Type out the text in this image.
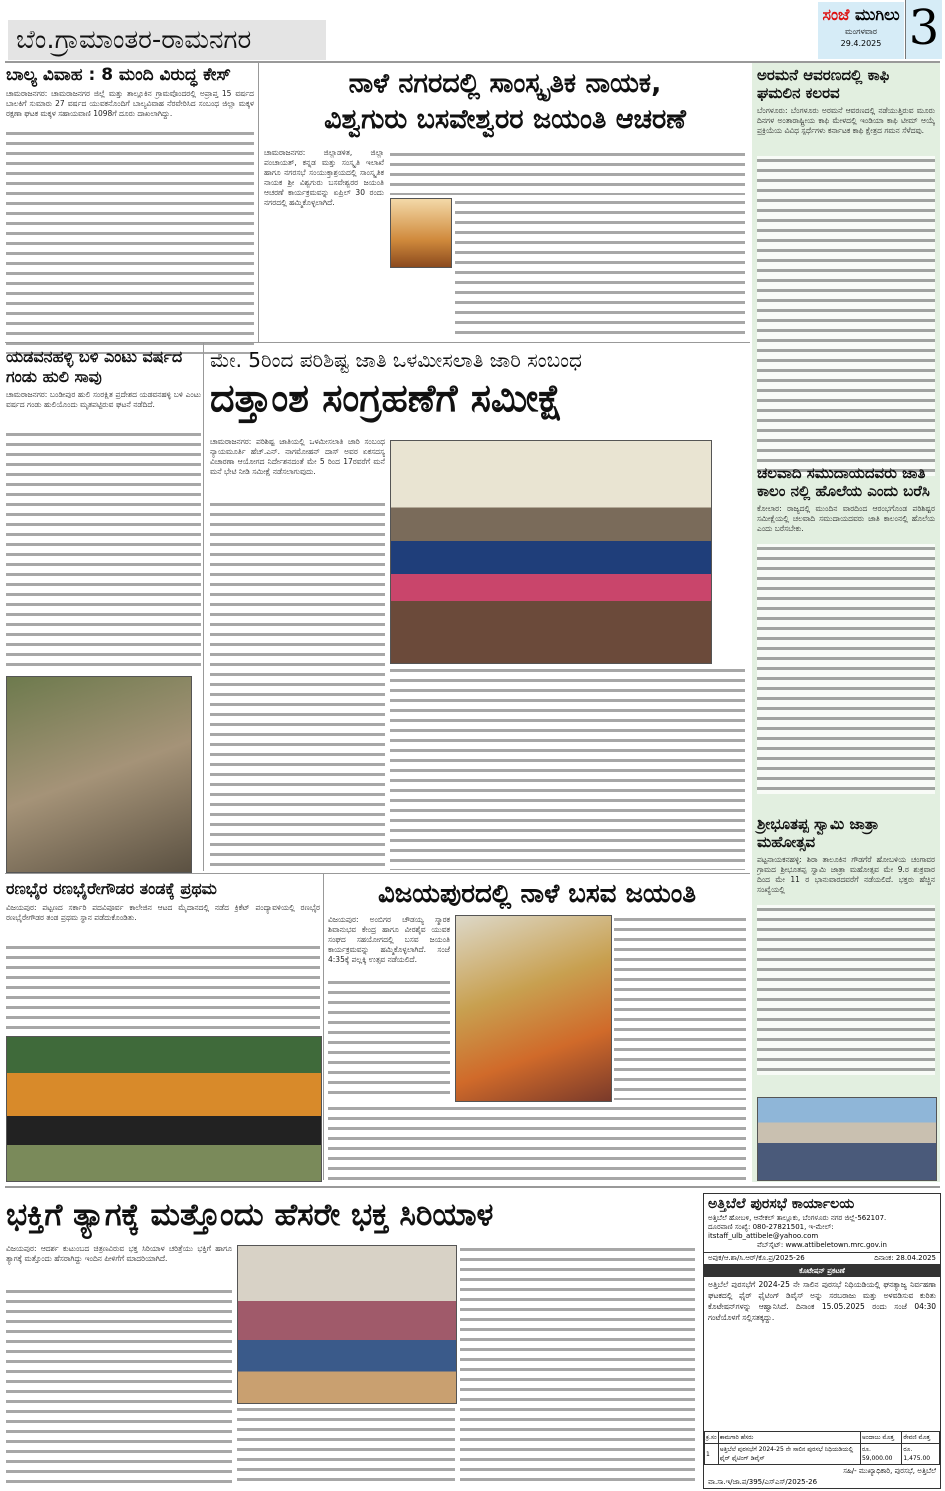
ಬೆಂ.ಗ್ರಾಮಾಂತರ-ರಾಮನಗರ
ಸಂಜೆ ಮುಗಿಲು
ಮಂಗಳವಾರ
29.4.2025 3
ಬಾಲ್ಯ ವಿವಾಹ : 8 ಮಂದಿ ವಿರುದ್ಧ ಕೇಸ್
ಚಾಮರಾಜನಗರ: ಚಾಮರಾಜನಗರ ಜಿಲ್ಲೆ ಮತ್ತು ತಾಲ್ಲೂಕಿನ ಗ್ರಾಮವೊಂದರಲ್ಲಿ ಅಪ್ರಾಪ್ತ 15 ವರ್ಷದ ಬಾಲಕಿಗೆ ಸುಮಾರು 27 ವರ್ಷದ ಯುವಕನೊಂದಿಗೆ ಬಾಲ್ಯವಿವಾಹ ನೆರವೇರಿಸಿದ ಸಂಬಂಧ ಜಿಲ್ಲಾ ಮಕ್ಕಳ ರಕ್ಷಣಾ ಘಟಕ ಮಕ್ಕಳ ಸಹಾಯವಾಣಿ 1098ಗೆ ದೂರು ದಾಖಲಾಗಿದ್ದು.
ನಾಳೆ ನಗರದಲ್ಲಿ ಸಾಂಸ್ಕೃತಿಕ ನಾಯಕ,
ವಿಶ್ವಗುರು ಬಸವೇಶ್ವರರ ಜಯಂತಿ ಆಚರಣೆ
ಚಾಮರಾಜನಗರ: ಜಿಲ್ಲಾಡಳಿತ, ಜಿಲ್ಲಾ ಪಂಚಾಯತ್, ಕನ್ನಡ ಮತ್ತು ಸಂಸ್ಕೃತಿ ಇಲಾಖೆ ಹಾಗೂ ನಗರಸಭೆ ಸಂಯುಕ್ತಾಶ್ರಯದಲ್ಲಿ ಸಾಂಸ್ಕೃತಿಕ ನಾಯಕ ಶ್ರೀ ವಿಶ್ವಗುರು ಬಸವೇಶ್ವರರ ಜಯಂತಿ ಆಚರಣೆ ಕಾರ್ಯಕ್ರಮವನ್ನು ಏಪ್ರಿಲ್ 30 ರಂದು ನಗರದಲ್ಲಿ ಹಮ್ಮಿಕೊಳ್ಳಲಾಗಿದೆ.
ಅರಮನೆ ಆವರಣದಲ್ಲಿ ಕಾಫಿ ಘಮಲಿನ ಕಲರವ
ಬೆಂಗಳೂರು: ಬೆಂಗಳೂರು ಅರಮನೆ ಆವರಣದಲ್ಲಿ ನಡೆಯುತ್ತಿರುವ ಮೂರು ದಿನಗಳ ಅಂತಾರಾಷ್ಟ್ರೀಯ ಕಾಫಿ ಮೇಳದಲ್ಲಿ ಇಂಡಿಯಾ ಕಾಫಿ ಟೀಮ್ ಆಯ್ಕೆ ಪ್ರಕ್ರಿಯೆಯ ವಿವಿಧ ಸ್ಪರ್ಧೆಗಳು ಕರ್ನಾಟಕ ಕಾಫಿ ಕ್ಷೇತ್ರದ ಗಮನ ಸೆಳೆದವು.
ಚಲವಾದಿ ಸಮುದಾಯದವರು ಜಾತಿ ಕಾಲಂ ನಲ್ಲಿ ಹೊಲೆಯ ಎಂದು ಬರೆಸಿ
ಕೋಲಾರ: ರಾಜ್ಯದಲ್ಲಿ ಮುಂದಿನ ವಾರದಿಂದ ಆರಂಭಗೊಂಡ ಪರಿಶಿಷ್ಟರ ಸಮೀಕ್ಷೆಯಲ್ಲಿ ಚಲವಾದಿ ಸಮುದಾಯದವರು ಜಾತಿ ಕಾಲಂನಲ್ಲಿ ಹೊಲೆಯ ಎಂದು ಬರೆಸಬೇಕು.
ಶ್ರೀಭೂತಪ್ಪ ಸ್ವಾಮಿ ಜಾತ್ರಾ ಮಹೋತ್ಸವ
ಪಟ್ಟನಾಯಕನಹಳ್ಳಿ: ಶಿರಾ ತಾಲೂಕಿನ ಗೌಡಗೆರೆ ಹೋಬಳಿಯ ಚಂಗಾವರ ಗ್ರಾಮದ ಶ್ರೀಭೂತಪ್ಪ ಸ್ವಾಮಿ ಜಾತ್ರಾ ಮಹೋತ್ಸವ ಮೇ 9.ರ ಶುಕ್ರವಾರ ದಿಂದ ಮೇ 11 ರ ಭಾನುವಾರದವರೆಗೆ ನಡೆಯಲಿದೆ. ಭಕ್ತರು ಹೆಚ್ಚಿನ ಸಂಖ್ಯೆಯಲ್ಲಿ
ಯಡವನಹಳ್ಳಿ ಬಳಿ ಎಂಟು ವರ್ಷದ ಗಂಡು ಹುಲಿ ಸಾವು
ಚಾಮರಾಜನಗರ: ಬಂಡೀಪುರ ಹುಲಿ ಸಂರಕ್ಷಿತ ಪ್ರದೇಶದ ಯಡವನಹಳ್ಳಿ ಬಳಿ ಎಂಟು ವರ್ಷದ ಗಂಡು ಹುಲಿಯೊಂದು ಮೃತಪಟ್ಟಿರುವ ಘಟನೆ ನಡೆದಿದೆ.
ಮೇ. 5ರಿಂದ ಪರಿಶಿಷ್ಟ ಜಾತಿ ಒಳಮೀಸಲಾತಿ ಜಾರಿ ಸಂಬಂಧ
ದತ್ತಾಂಶ ಸಂಗ್ರಹಣೆಗೆ ಸಮೀಕ್ಷೆ
ಚಾಮರಾಜನಗರ: ಪರಿಶಿಷ್ಟ ಜಾತಿಯಲ್ಲಿ ಒಳಮೀಸಲಾತಿ ಜಾರಿ ಸಂಬಂಧ ನ್ಯಾಯಮೂರ್ತಿ ಹೆಚ್.ಎನ್. ನಾಗಮೋಹನ್ ದಾಸ್ ಅವರ ಏಕಸದಸ್ಯ ವಿಚಾರಣಾ ಆಯೋಗದ ನಿರ್ದೇಶನದಂತೆ ಮೇ 5 ರಿಂದ 17ರವರೆಗೆ ಮನೆ ಮನೆ ಭೇಟಿ ನೀಡಿ ಸಮೀಕ್ಷೆ ನಡೆಸಲಾಗುವುದು.
ರಣಭೈರ ರಣಭೈರೇಗೌಡರ ತಂಡಕ್ಕೆ ಪ್ರಥಮ
ವಿಜಯಪುರ: ಪಟ್ಟಣದ ಸರ್ಕಾರಿ ಪದವಿಪೂರ್ವ ಕಾಲೇಜಿನ ಆಟದ ಮೈದಾನದಲ್ಲಿ ನಡೆದ ಕ್ರಿಕೆಟ್ ಪಂದ್ಯಾವಳಿಯಲ್ಲಿ ರಣಭೈರ ರಣಭೈರೇಗೌಡರ ತಂಡ ಪ್ರಥಮ ಸ್ಥಾನ ಪಡೆದುಕೊಂಡಿತು.
ವಿಜಯಪುರದಲ್ಲಿ ನಾಳೆ ಬಸವ ಜಯಂತಿ
ವಿಜಯಪುರ: ಅಂಬಿಗರ ಚೌಡಯ್ಯ ಸ್ಮಾರಕ ಶಿವಾನುಭವ ಕೇಂದ್ರ ಹಾಗೂ ವೀರಶೈವ ಯುವಕ ಸಂಘದ ಸಹಯೋಗದಲ್ಲಿ ಬಸವ ಜಯಂತಿ ಕಾರ್ಯಕ್ರಮವನ್ನು ಹಮ್ಮಿಕೊಳ್ಳಲಾಗಿದೆ. ಸಂಜೆ 4:35ಕ್ಕೆ ಪಲ್ಲಕ್ಕಿ ಉತ್ಸವ ನಡೆಯಲಿದೆ.
ಭಕ್ತಿಗೆ ತ್ಯಾಗಕ್ಕೆ ಮತ್ತೊಂದು ಹೆಸರೇ ಭಕ್ತ ಸಿರಿಯಾಳ
ವಿಜಯಪುರ: ಆದರ್ಶ ಕುಟುಂಬದ ಚಿತ್ರಣವಿರುವ ಭಕ್ತ ಸಿರಿಯಾಳ ಚರಿತ್ರೆಯು ಭಕ್ತಿಗೆ ಹಾಗೂ ತ್ಯಾಗಕ್ಕೆ ಮತ್ತೊಂದು ಹೆಸರಾಗಿದ್ದು ಇಂದಿನ ಪೀಳಿಗೆಗೆ ಮಾದರಿಯಾಗಿದೆ.
ಅತ್ತಿಬೆಲೆ ಪುರಸಭೆ ಕಾರ್ಯಾಲಯ
ಅತ್ತಿಬೆಲೆ ಹೋಬಳಿ, ಆನೇಕಲ್ ತಾಲ್ಲೂಕು, ಬೆಂಗಳೂರು ನಗರ ಜಿಲ್ಲೆ-562107.
ದೂರವಾಣಿ ಸಂಖ್ಯೆ: 080-27821501, ಇ-ಮೇಲ್: itstaff_ulb_attibele@yahoo.com
ವೆಬ್‌ಸೈಟ್: www.attibeletown.mrc.gov.in
ಅಪುಕ/ಆ.ಶಾ/ಸಿ.ಆರ್/ಕೊ.ಪ್ರ/2025-26	ದಿನಾಂಕ: 28.04.2025
ಕೊಟೇಷನ್ ಪ್ರಕಟಣೆ
ಅತ್ತಿಬೆಲೆ ಪುರಸಭೆಗೆ 2024-25 ನೇ ಸಾಲಿನ ಪುರಸಭೆ ನಿಧಿಯಡಿಯಲ್ಲಿ ಘನತ್ಯಾಜ್ಯ ನಿರ್ವಹಣಾ ಘಟಕದಲ್ಲಿ ಫೈರ್ ಫೈಟಿಂಗ್ ಡಿವೈಸ್ ಅನ್ನು ಸರಬರಾಜು ಮತ್ತು ಅಳವಡಿಸುವ ಕುರಿತು ಕೊಟೇಷನ್‌ಗಳನ್ನು ಆಹ್ವಾನಿಸಿದೆ. ದಿನಾಂಕ 15.05.2025 ರಂದು ಸಂಜೆ 04:30 ಗಂಟೆಯೊಳಗೆ ಸಲ್ಲಿಸತಕ್ಕದ್ದು.
ಕ್ರ.ಸಂ	ಕಾಮಗಾರಿ ಹೆಸರು	ಅಂದಾಜು ಮೊತ್ತ	ಠೇವಣಿ ಮೊತ್ತ
1	ಅತ್ತಿಬೆಲೆ ಪುರಸಭೆಗೆ 2024-25 ನೇ ಸಾಲಿನ ಪುರಸಭೆ ನಿಧಿಯಡಿಯಲ್ಲಿ ಫೈರ್ ಫೈಟಿಂಗ್ ಡಿವೈಸ್	ರೂ. 59,000.00	ರೂ. 1,475.00
ಸಹಿ/- ಮುಖ್ಯಾಧಿಕಾರಿ, ಪುರಸಭೆ, ಅತ್ತಿಬೆಲೆ
ವಾ.ಸಾ.ಇ/ಜಾ.ಪ/395/ಎಸ್‌ಎಸ್/2025-26
